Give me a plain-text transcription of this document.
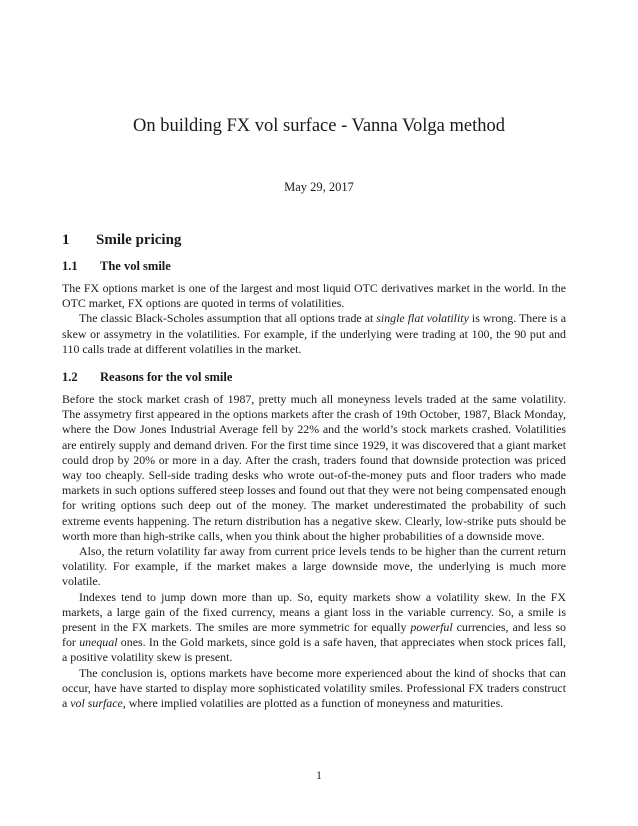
On building FX vol surface - Vanna Volga method
May 29, 2017
1 Smile pricing
1.1 The vol smile

The FX options market is one of the largest and most liquid OTC derivatives market in the world. In the OTC market, FX options are quoted in terms of volatilities.

The classic Black-Scholes assumption that all options trade at single flat volatility is wrong. There is a skew or assymetry in the volatilities. For example, if the underlying were trading at 100, the 90 put and 110 calls trade at different volatilies in the market.

1.2 Reasons for the vol smile

Before the stock market crash of 1987, pretty much all moneyness levels traded at the same volatility. The assymetry first appeared in the options markets after the crash of 19th October, 1987, Black Monday, where the Dow Jones Industrial Average fell by 22% and the world’s stock markets crashed. Volatilities are entirely supply and demand driven. For the first time since 1929, it was discovered that a giant market could drop by 20% or more in a day. After the crash, traders found that downside protection was priced way too cheaply. Sell-side trading desks who wrote out-of-the-money puts and floor traders who made markets in such options suffered steep losses and found out that they were not being compensated enough for writing options such deep out of the money. The market underestimated the probability of such extreme events happening. The return distribution has a negative skew. Clearly, low-strike puts should be worth more than high-strike calls, when you think about the higher probabilities of a downside move.

Also, the return volatility far away from current price levels tends to be higher than the current return volatility. For example, if the market makes a large downside move, the underlying is much more volatile.

Indexes tend to jump down more than up. So, equity markets show a volatility skew. In the FX markets, a large gain of the fixed currency, means a giant loss in the variable currency. So, a smile is present in the FX markets. The smiles are more symmetric for equally powerful currencies, and less so for unequal ones. In the Gold markets, since gold is a safe haven, that appreciates when stock prices fall, a positive volatility skew is present.

The conclusion is, options markets have become more experienced about the kind of shocks that can occur, have have started to display more sophisticated volatility smiles. Professional FX traders construct a vol surface, where implied volatilies are plotted as a function of moneyness and maturities.

1
